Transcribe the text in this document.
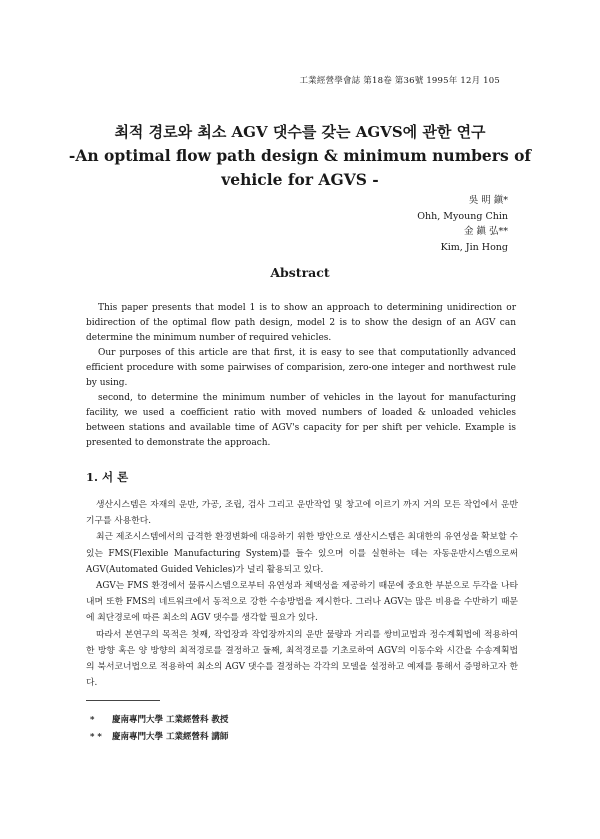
工業經營學會誌 第18卷 第36號 1995年 12月 105
최적 경로와 최소 AGV 댓수를 갖는 AGVS에 관한 연구
-An optimal flow path design & minimum numbers of
vehicle for AGVS -
吳 明 鎭*
Ohh, Myoung Chin
金 鎭 弘**
Kim, Jin Hong
Abstract

This paper presents that model 1 is to show an approach to determining unidirection or bidirection of the optimal flow path design, model 2 is to show the design of an AGV can determine the minimum number of required vehicles.

Our purposes of this article are that first, it is easy to see that computationlly advanced efficient procedure with some pairwises of comparision, zero-one integer and northwest rule by using.

second, to determine the minimum number of vehicles in the layout for manufacturing facility, we used a coefficient ratio with moved numbers of loaded & unloaded vehicles between stations and available time of AGV's capacity for per shift per vehicle. Example is presented to demonstrate the approach.

1. 서 론

생산시스템은 자재의 운반, 가공, 조립, 검사 그리고 운반작업 및 창고에 이르기 까지 거의 모든 작업에서 운반기구를 사용한다.

최근 제조시스템에서의 급격한 환경변화에 대응하기 위한 방안으로 생산시스템은 최대한의 유연성을 확보할 수 있는 FMS(Flexible Manufacturing System)를 들수 있으며 이를 실현하는 데는 자동운반시스템으로써 AGV(Automated Guided Vehicles)가 널리 활용되고 있다.

AGV는 FMS 환경에서 물류시스템으로부터 유연성과 체택성을 제공하기 때문에 중요한 부분으로 두각을 나타내며 또한 FMS의 네트워크에서 동적으로 강한 수송방법을 제시한다. 그러나 AGV는 많은 비용을 수반하기 때문에 최단경로에 따른 최소의 AGV 댓수를 생각할 필요가 있다.

따라서 본연구의 목적은 첫째, 작업장과 작업장까지의 운반 물량과 거리를 쌍비교법과 정수계획법에 적용하여 한 방향 혹은 양 방향의 최적경로를 결정하고 둘째, 최적경로를 기초로하여 AGV의 이동수와 시간을 수송계획법의 북서코너법으로 적용하여 최소의 AGV 댓수를 결정하는 각각의 모델을 설정하고 예제를 통해서 증명하고자 한다.

* 慶南專門大學 工業經營科 教授
* * 慶南專門大學 工業經營科 講師
